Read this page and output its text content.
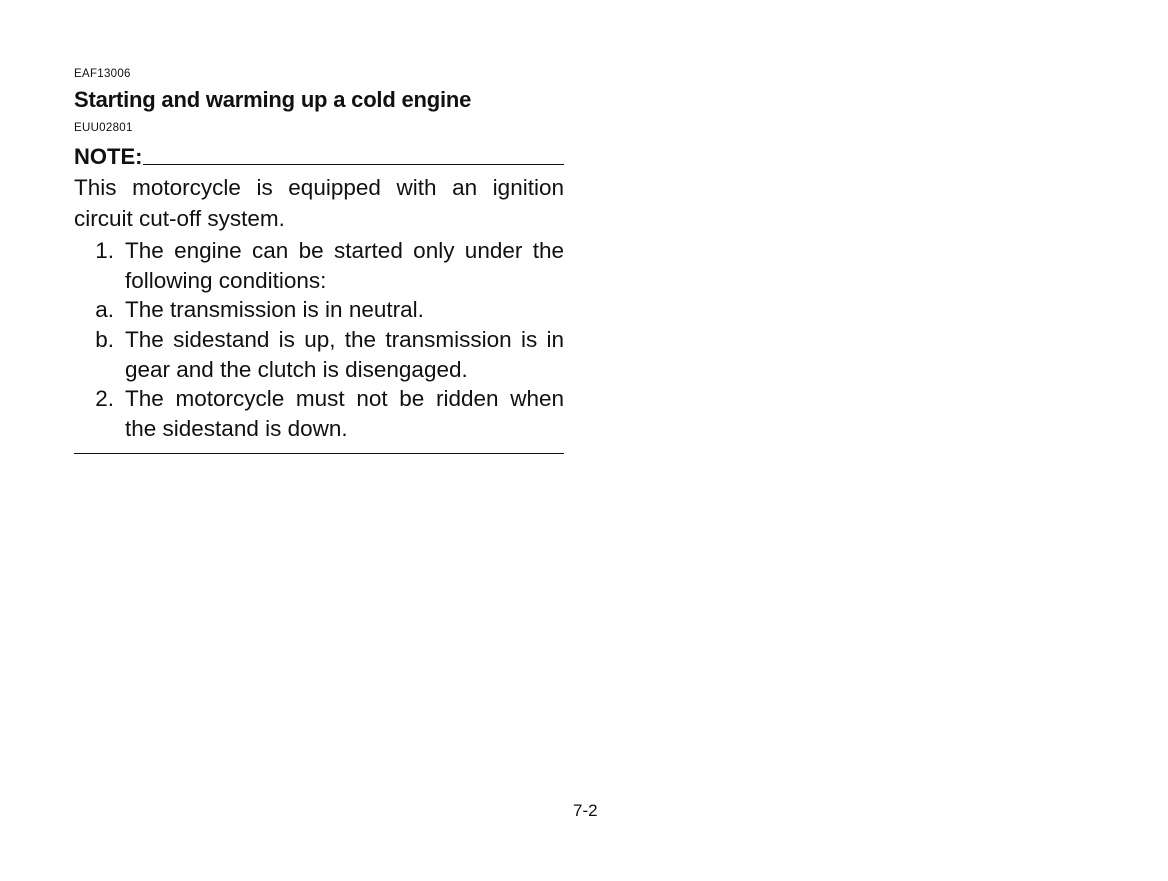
EAF13006
Starting and warming up a cold engine
EUU02801
NOTE:
This motorcycle is equipped with an ignition circuit cut-off system.
1. The engine can be started only under the following conditions:
a. The transmission is in neutral.
b. The sidestand is up, the transmission is in gear and the clutch is disengaged.
2. The motorcycle must not be ridden when the sidestand is down.
7-2
